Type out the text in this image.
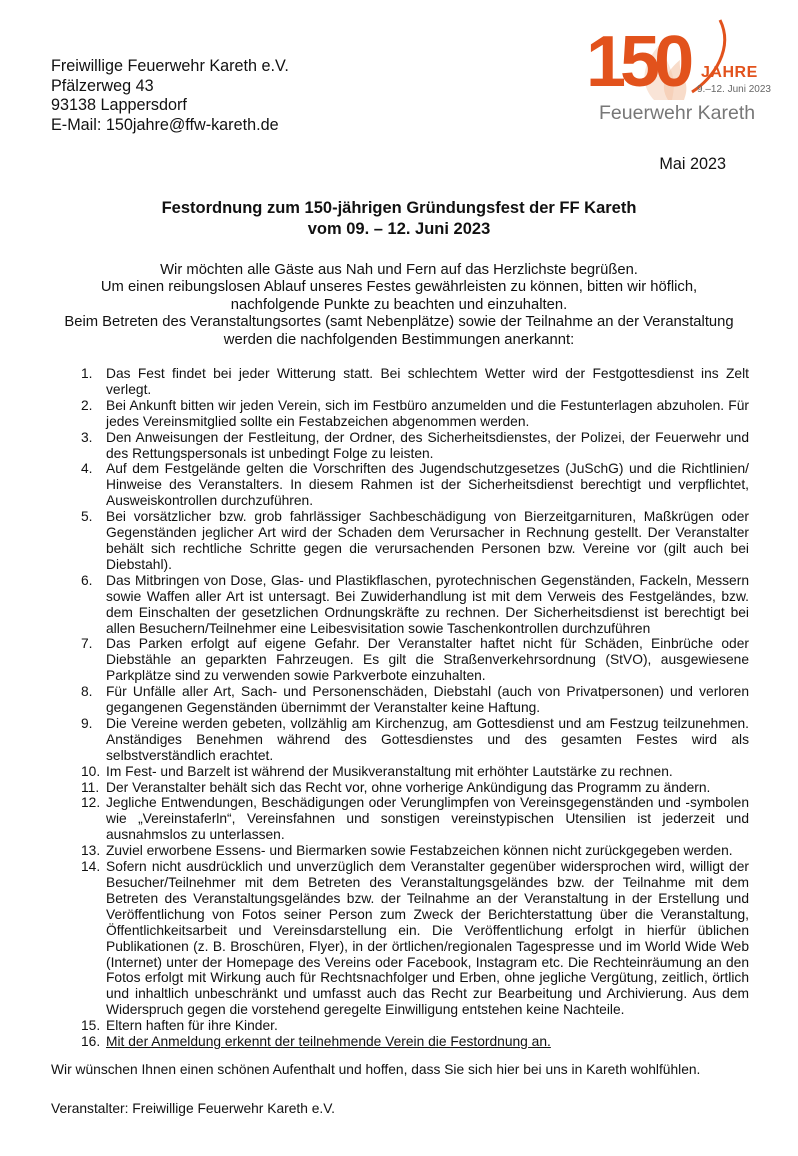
Freiwillige Feuerwehr Kareth e.V.
Pfälzerweg 43
93138 Lappersdorf
E-Mail: 150jahre@ffw-kareth.de
150 JAHRE
9.–12. Juni 2023
Feuerwehr Kareth
Mai 2023
Festordnung zum 150-jährigen Gründungsfest der FF Kareth
vom 09. – 12. Juni 2023
Wir möchten alle Gäste aus Nah und Fern auf das Herzlichste begrüßen.
Um einen reibungslosen Ablauf unseres Festes gewährleisten zu können, bitten wir höflich,
nachfolgende Punkte zu beachten und einzuhalten.
Beim Betreten des Veranstaltungsortes (samt Nebenplätze) sowie der Teilnahme an der Veranstaltung
werden die nachfolgenden Bestimmungen anerkannt:
1. Das Fest findet bei jeder Witterung statt. Bei schlechtem Wetter wird der Festgottesdienst ins Zelt verlegt.
2. Bei Ankunft bitten wir jeden Verein, sich im Festbüro anzumelden und die Festunterlagen abzuholen. Für jedes Vereinsmitglied sollte ein Festabzeichen abgenommen werden.
3. Den Anweisungen der Festleitung, der Ordner, des Sicherheitsdienstes, der Polizei, der Feuerwehr und des Rettungspersonals ist unbedingt Folge zu leisten.
4. Auf dem Festgelände gelten die Vorschriften des Jugendschutzgesetzes (JuSchG) und die Richtlinien/ Hinweise des Veranstalters. In diesem Rahmen ist der Sicherheitsdienst berechtigt und verpflichtet, Ausweiskontrollen durchzuführen.
5. Bei vorsätzlicher bzw. grob fahrlässiger Sachbeschädigung von Bierzeitgarnituren, Maßkrügen oder Gegenständen jeglicher Art wird der Schaden dem Verursacher in Rechnung gestellt. Der Veranstalter behält sich rechtliche Schritte gegen die verursachenden Personen bzw. Vereine vor (gilt auch bei Diebstahl).
6. Das Mitbringen von Dose, Glas- und Plastikflaschen, pyrotechnischen Gegenständen, Fackeln, Messern sowie Waffen aller Art ist untersagt. Bei Zuwiderhandlung ist mit dem Verweis des Festgeländes, bzw. dem Einschalten der gesetzlichen Ordnungskräfte zu rechnen. Der Sicherheitsdienst ist berechtigt bei allen Besuchern/Teilnehmer eine Leibesvisitation sowie Taschenkontrollen durchzuführen
7. Das Parken erfolgt auf eigene Gefahr. Der Veranstalter haftet nicht für Schäden, Einbrüche oder Diebstähle an geparkten Fahrzeugen. Es gilt die Straßenverkehrsordnung (StVO), ausgewiesene Parkplätze sind zu verwenden sowie Parkverbote einzuhalten.
8. Für Unfälle aller Art, Sach- und Personenschäden, Diebstahl (auch von Privatpersonen) und verloren gegangenen Gegenständen übernimmt der Veranstalter keine Haftung.
9. Die Vereine werden gebeten, vollzählig am Kirchenzug, am Gottesdienst und am Festzug teilzunehmen. Anständiges Benehmen während des Gottesdienstes und des gesamten Festes wird als selbstverständlich erachtet.
10. Im Fest- und Barzelt ist während der Musikveranstaltung mit erhöhter Lautstärke zu rechnen.
11. Der Veranstalter behält sich das Recht vor, ohne vorherige Ankündigung das Programm zu ändern.
12. Jegliche Entwendungen, Beschädigungen oder Verunglimpfen von Vereinsgegenständen und -symbolen wie „Vereinstaferln“, Vereinsfahnen und sonstigen vereinstypischen Utensilien ist jederzeit und ausnahmslos zu unterlassen.
13. Zuviel erworbene Essens- und Biermarken sowie Festabzeichen können nicht zurückgegeben werden.
14. Sofern nicht ausdrücklich und unverzüglich dem Veranstalter gegenüber widersprochen wird, willigt der Besucher/Teilnehmer mit dem Betreten des Veranstaltungsgeländes bzw. der Teilnahme mit dem Betreten des Veranstaltungsgeländes bzw. der Teilnahme an der Veranstaltung in der Erstellung und Veröffentlichung von Fotos seiner Person zum Zweck der Berichterstattung über die Veranstaltung, Öffentlichkeitsarbeit und Vereinsdarstellung ein. Die Veröffentlichung erfolgt in hierfür üblichen Publikationen (z. B. Broschüren, Flyer), in der örtlichen/regionalen Tagespresse und im World Wide Web (Internet) unter der Homepage des Vereins oder Facebook, Instagram etc. Die Rechteinräumung an den Fotos erfolgt mit Wirkung auch für Rechtsnachfolger und Erben, ohne jegliche Vergütung, zeitlich, örtlich und inhaltlich unbeschränkt und umfasst auch das Recht zur Bearbeitung und Archivierung. Aus dem Widerspruch gegen die vorstehend geregelte Einwilligung entstehen keine Nachteile.
15. Eltern haften für ihre Kinder.
16. Mit der Anmeldung erkennt der teilnehmende Verein die Festordnung an.
Wir wünschen Ihnen einen schönen Aufenthalt und hoffen, dass Sie sich hier bei uns in Kareth wohlfühlen.
Veranstalter: Freiwillige Feuerwehr Kareth e.V.
